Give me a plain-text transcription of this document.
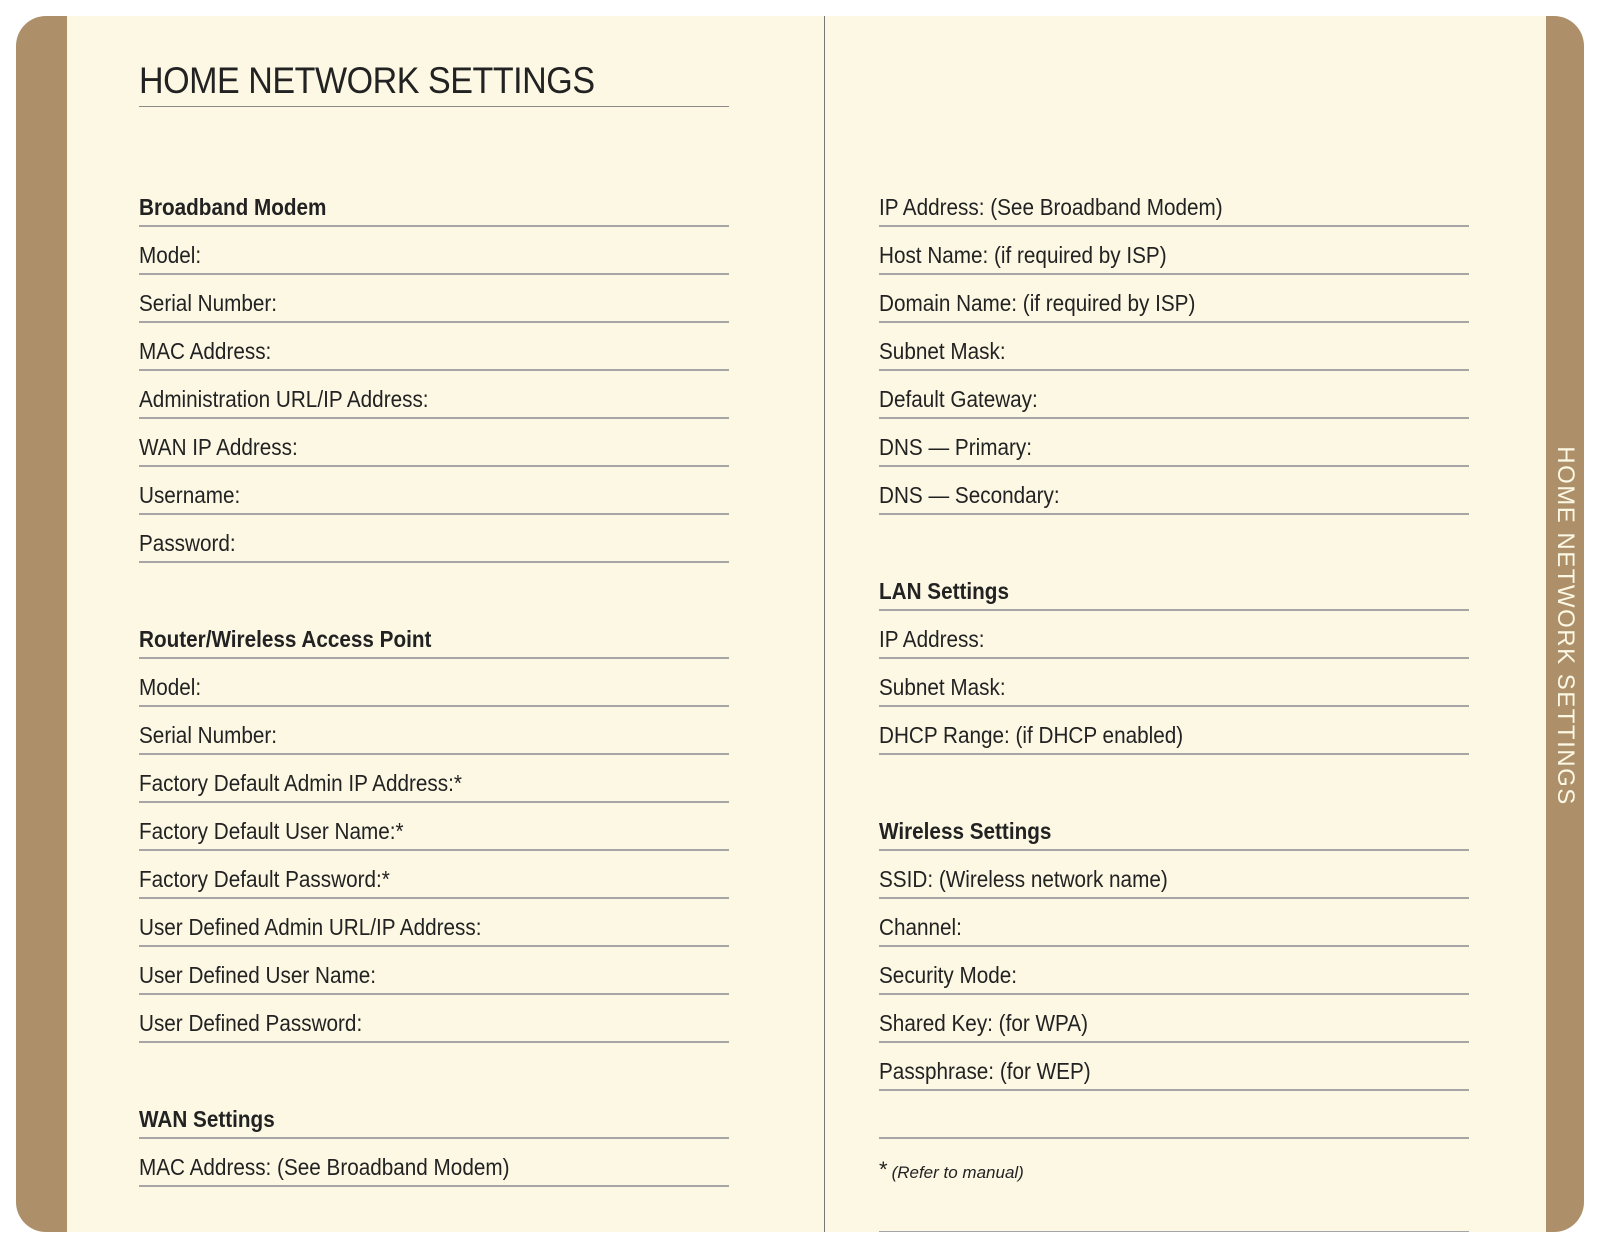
HOME NETWORK SETTINGS
Broadband Modem
Model:
Serial Number:
MAC Address:
Administration URL/IP Address:
WAN IP Address:
Username:
Password:
Router/Wireless Access Point
Model:
Serial Number:
Factory Default Admin IP Address:*
Factory Default User Name:*
Factory Default Password:*
User Defined Admin URL/IP Address:
User Defined User Name:
User Defined Password:
WAN Settings
MAC Address: (See Broadband Modem)
IP Address: (See Broadband Modem)
Host Name: (if required by ISP)
Domain Name: (if required by ISP)
Subnet Mask:
Default Gateway:
DNS — Primary:
DNS — Secondary:
LAN Settings
IP Address:
Subnet Mask:
DHCP Range: (if DHCP enabled)
Wireless Settings
SSID: (Wireless network name)
Channel:
Security Mode:
Shared Key: (for WPA)
Passphrase: (for WEP)
* (Refer to manual)
HOME NETWORK SETTINGS
